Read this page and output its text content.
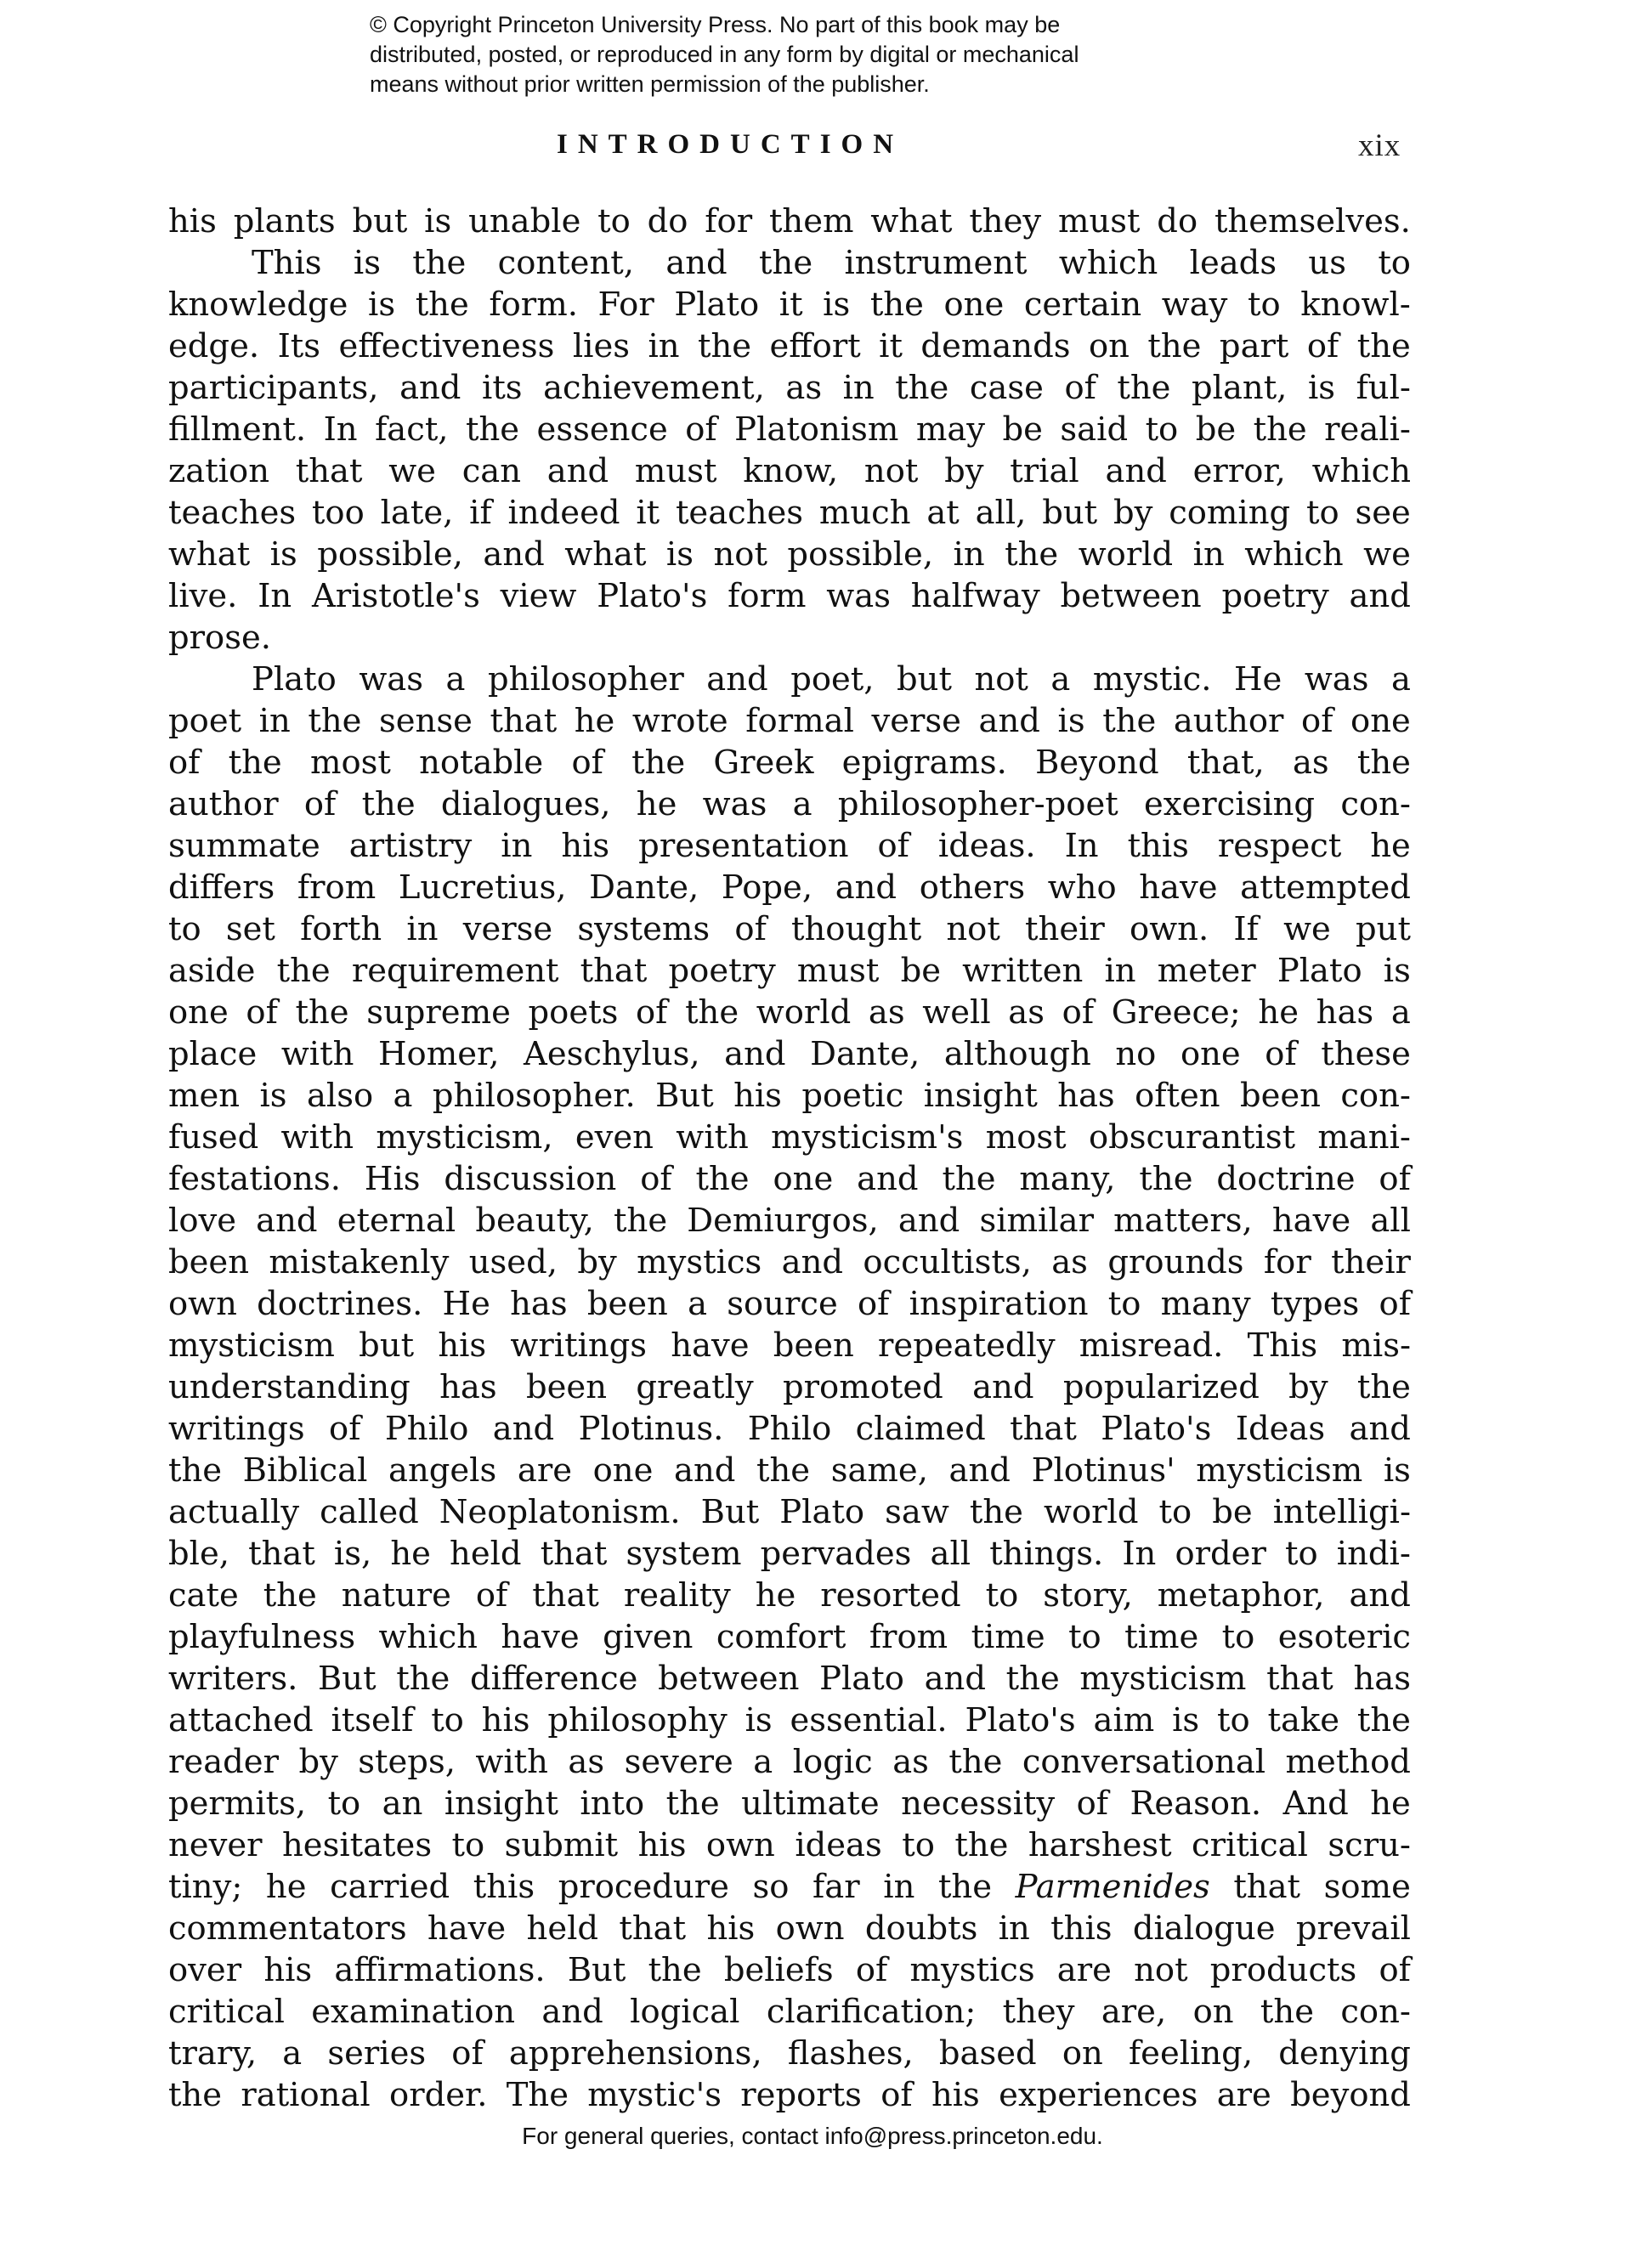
© Copyright Princeton University Press. No part of this book may be
distributed, posted, or reproduced in any form by digital or mechanical
means without prior written permission of the publisher.
INTRODUCTION	xix
his plants but is unable to do for them what they must do themselves.
This is the content, and the instrument which leads us to
knowledge is the form. For Plato it is the one certain way to knowl-
edge. Its effectiveness lies in the effort it demands on the part of the
participants, and its achievement, as in the case of the plant, is ful-
fillment. In fact, the essence of Platonism may be said to be the reali-
zation that we can and must know, not by trial and error, which
teaches too late, if indeed it teaches much at all, but by coming to see
what is possible, and what is not possible, in the world in which we
live. In Aristotle's view Plato's form was halfway between poetry and
prose.
Plato was a philosopher and poet, but not a mystic. He was a
poet in the sense that he wrote formal verse and is the author of one
of the most notable of the Greek epigrams. Beyond that, as the
author of the dialogues, he was a philosopher-poet exercising con-
summate artistry in his presentation of ideas. In this respect he
differs from Lucretius, Dante, Pope, and others who have attempted
to set forth in verse systems of thought not their own. If we put
aside the requirement that poetry must be written in meter Plato is
one of the supreme poets of the world as well as of Greece; he has a
place with Homer, Aeschylus, and Dante, although no one of these
men is also a philosopher. But his poetic insight has often been con-
fused with mysticism, even with mysticism's most obscurantist mani-
festations. His discussion of the one and the many, the doctrine of
love and eternal beauty, the Demiurgos, and similar matters, have all
been mistakenly used, by mystics and occultists, as grounds for their
own doctrines. He has been a source of inspiration to many types of
mysticism but his writings have been repeatedly misread. This mis-
understanding has been greatly promoted and popularized by the
writings of Philo and Plotinus. Philo claimed that Plato's Ideas and
the Biblical angels are one and the same, and Plotinus' mysticism is
actually called Neoplatonism. But Plato saw the world to be intelligi-
ble, that is, he held that system pervades all things. In order to indi-
cate the nature of that reality he resorted to story, metaphor, and
playfulness which have given comfort from time to time to esoteric
writers. But the difference between Plato and the mysticism that has
attached itself to his philosophy is essential. Plato's aim is to take the
reader by steps, with as severe a logic as the conversational method
permits, to an insight into the ultimate necessity of Reason. And he
never hesitates to submit his own ideas to the harshest critical scru-
tiny; he carried this procedure so far in the Parmenides that some
commentators have held that his own doubts in this dialogue prevail
over his affirmations. But the beliefs of mystics are not products of
critical examination and logical clarification; they are, on the con-
trary, a series of apprehensions, flashes, based on feeling, denying
the rational order. The mystic's reports of his experiences are beyond
For general queries, contact info@press.princeton.edu.
